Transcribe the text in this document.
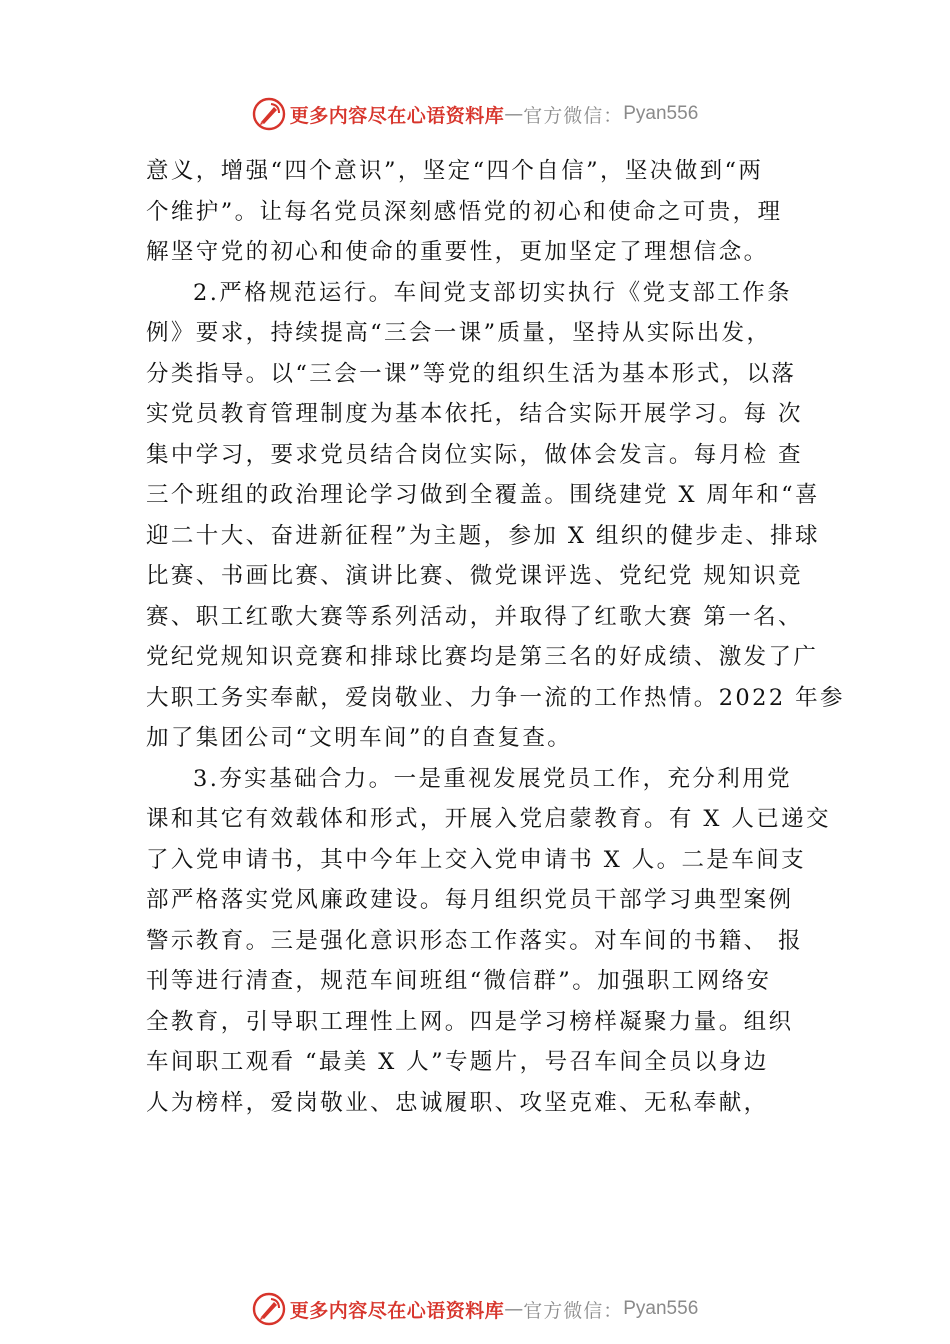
更多内容尽在心语资料库 — 官方微信： Pyan556
意义，增强“四个意识”，坚定“四个自信”，坚决做到“两
个维护”。让每名党员深刻感悟党的初心和使命之可贵，理
解坚守党的初心和使命的重要性，更加坚定了理想信念。
2.严格规范运行。车间党支部切实执行《党支部工作条
例》要求，持续提高“三会一课”质量，坚持从实际出发，
分类指导。以“三会一课”等党的组织生活为基本形式，以落
实党员教育管理制度为基本依托，结合实际开展学习。每 次
集中学习，要求党员结合岗位实际，做体会发言。每月检 查
三个班组的政治理论学习做到全覆盖。围绕建党 X 周年和“喜
迎二十大、奋进新征程”为主题，参加 X 组织的健步走、排球
比赛、书画比赛、演讲比赛、微党课评选、党纪党 规知识竞
赛、职工红歌大赛等系列活动，并取得了红歌大赛 第一名、
党纪党规知识竞赛和排球比赛均是第三名的好成绩、激发了广
大职工务实奉献，爱岗敬业、力争一流的工作热情。2022 年参
加了集团公司“文明车间”的自查复查。
3.夯实基础合力。一是重视发展党员工作，充分利用党
课和其它有效载体和形式，开展入党启蒙教育。有 X 人已递交
了入党申请书，其中今年上交入党申请书 X 人。二是车间支
部严格落实党风廉政建设。每月组织党员干部学习典型案例
警示教育。三是强化意识形态工作落实。对车间的书籍、 报
刊等进行清查，规范车间班组“微信群”。加强职工网络安
全教育，引导职工理性上网。四是学习榜样凝聚力量。组织
车间职工观看 “最美 X 人”专题片，号召车间全员以身边
人为榜样，爱岗敬业、忠诚履职、攻坚克难、无私奉献，
更多内容尽在心语资料库 — 官方微信： Pyan556
